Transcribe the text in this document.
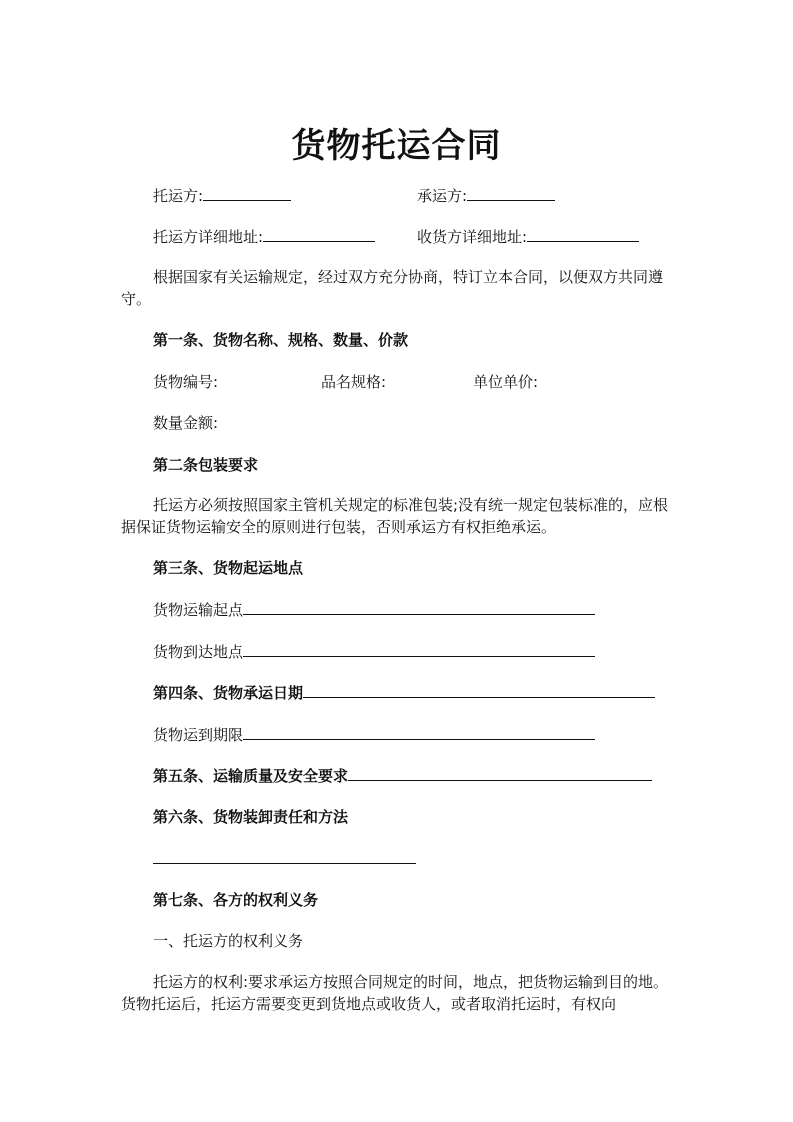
货物托运合同
托运方:	承运方:
托运方详细地址:	收货方详细地址:
根据国家有关运输规定，经过双方充分协商，特订立本合同，以便双方共同遵守。
第一条、货物名称、规格、数量、价款
货物编号:	品名规格:	单位单价:
数量金额:
第二条包装要求
托运方必须按照国家主管机关规定的标准包装;没有统一规定包装标准的，应根据保证货物运输安全的原则进行包装，否则承运方有权拒绝承运。
第三条、货物起运地点
货物运输起点
货物到达地点
第四条、货物承运日期
货物运到期限
第五条、运输质量及安全要求
第六条、货物装卸责任和方法
第七条、各方的权利义务
一、托运方的权利义务
托运方的权利:要求承运方按照合同规定的时间，地点，把货物运输到目的地。货物托运后，托运方需要变更到货地点或收货人，或者取消托运时，有权向
